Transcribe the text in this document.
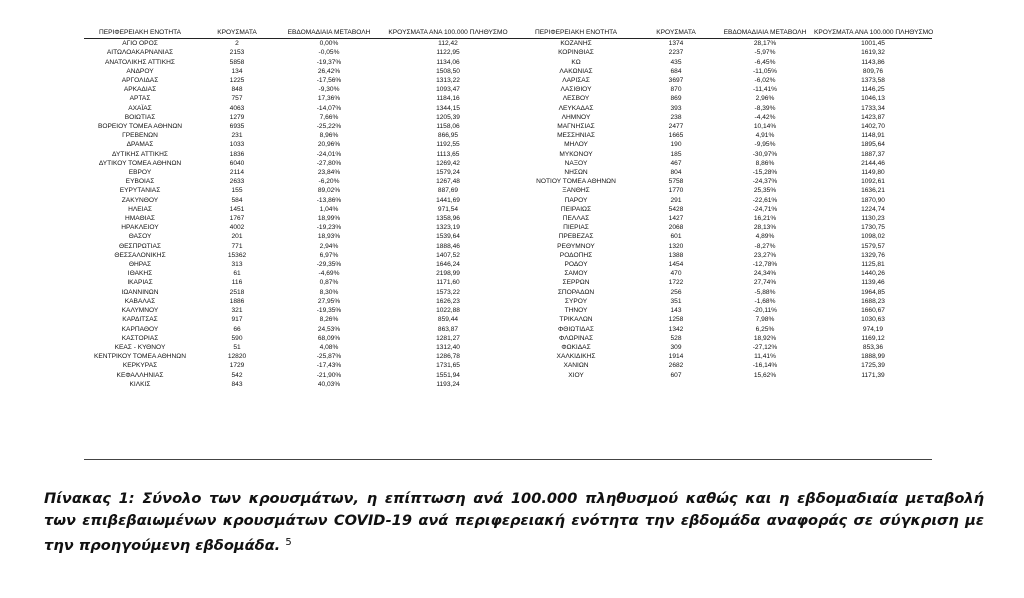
ΠΕΡΙΦΕΡΕΙΑΚΗ ΕΝΟΤΗΤΑ	ΚΡΟΥΣΜΑΤΑ	ΕΒΔΟΜΑΔΙΑΙΑ ΜΕΤΑΒΟΛΗ	ΚΡΟΥΣΜΑΤΑ ΑΝΑ 100.000 ΠΛΗΘΥΣΜΟ	ΠΕΡΙΦΕΡΕΙΑΚΗ ΕΝΟΤΗΤΑ	ΚΡΟΥΣΜΑΤΑ	ΕΒΔΟΜΑΔΙΑΙΑ ΜΕΤΑΒΟΛΗ	ΚΡΟΥΣΜΑΤΑ ΑΝΑ 100.000 ΠΛΗΘΥΣΜΟ
ΑΓΙΟ ΟΡΟΣ	2	0,00%	112,42	ΚΟΖΑΝΗΣ	1374	28,17%	1001,45
ΑΙΤΩΛΟΑΚΑΡΝΑΝΙΑΣ	2153	-0,05%	1122,95	ΚΟΡΙΝΘΙΑΣ	2237	-5,97%	1619,32
ΑΝΑΤΟΛΙΚΗΣ ΑΤΤΙΚΗΣ	5858	-19,37%	1134,06	ΚΩ	435	-6,45%	1143,86
ΑΝΔΡΟΥ	134	26,42%	1508,50	ΛΑΚΩΝΙΑΣ	684	-11,05%	809,76
ΑΡΓΟΛΙΔΑΣ	1225	-17,56%	1313,22	ΛΑΡΙΣΑΣ	3697	-6,02%	1373,58
ΑΡΚΑΔΙΑΣ	848	-9,30%	1093,47	ΛΑΣΙΘΙΟΥ	870	-11,41%	1146,25
ΑΡΤΑΣ	757	17,36%	1184,16	ΛΕΣΒΟΥ	869	2,96%	1046,13
ΑΧΑΪΑΣ	4063	-14,07%	1344,15	ΛΕΥΚΑΔΑΣ	393	-8,39%	1733,34
ΒΟΙΩΤΙΑΣ	1279	7,66%	1205,39	ΛΗΜΝΟΥ	238	-4,42%	1423,87
ΒΟΡΕΙΟΥ ΤΟΜΕΑ ΑΘΗΝΩΝ	6935	-25,22%	1158,06	ΜΑΓΝΗΣΙΑΣ	2477	10,14%	1402,70
ΓΡΕΒΕΝΩΝ	231	8,96%	866,95	ΜΕΣΣΗΝΙΑΣ	1665	4,91%	1148,91
ΔΡΑΜΑΣ	1033	20,96%	1192,55	ΜΗΛΟΥ	190	-9,95%	1895,64
ΔΥΤΙΚΗΣ ΑΤΤΙΚΗΣ	1836	-24,01%	1113,65	ΜΥΚΟΝΟΥ	185	-30,97%	1887,37
ΔΥΤΙΚΟΥ ΤΟΜΕΑ ΑΘΗΝΩΝ	6040	-27,80%	1269,42	ΝΑΞΟΥ	467	8,86%	2144,46
ΕΒΡΟΥ	2114	23,84%	1579,24	ΝΗΣΩΝ	804	-15,28%	1149,80
ΕΥΒΟΙΑΣ	2633	-6,20%	1267,48	ΝΟΤΙΟΥ ΤΟΜΕΑ ΑΘΗΝΩΝ	5758	-24,37%	1092,61
ΕΥΡΥΤΑΝΙΑΣ	155	89,02%	887,69	ΞΑΝΘΗΣ	1770	25,35%	1636,21
ΖΑΚΥΝΘΟΥ	584	-13,86%	1441,69	ΠΑΡΟΥ	291	-22,61%	1870,90
ΗΛΕΙΑΣ	1451	1,04%	971,54	ΠΕΙΡΑΙΩΣ	5428	-24,71%	1224,74
ΗΜΑΘΙΑΣ	1767	18,99%	1358,96	ΠΕΛΛΑΣ	1427	16,21%	1130,23
ΗΡΑΚΛΕΙΟΥ	4002	-19,23%	1323,19	ΠΙΕΡΙΑΣ	2068	28,13%	1730,75
ΘΑΣΟΥ	201	18,93%	1539,64	ΠΡΕΒΕΖΑΣ	601	4,89%	1098,02
ΘΕΣΠΡΩΤΙΑΣ	771	2,94%	1888,46	ΡΕΘΥΜΝΟΥ	1320	-8,27%	1579,57
ΘΕΣΣΑΛΟΝΙΚΗΣ	15362	6,97%	1407,52	ΡΟΔΟΠΗΣ	1388	23,27%	1329,76
ΘΗΡΑΣ	313	-29,35%	1646,24	ΡΟΔΟΥ	1454	-12,78%	1125,81
ΙΘΑΚΗΣ	61	-4,69%	2198,99	ΣΑΜΟΥ	470	24,34%	1440,26
ΙΚΑΡΙΑΣ	116	0,87%	1171,60	ΣΕΡΡΩΝ	1722	27,74%	1139,46
ΙΩΑΝΝΙΝΩΝ	2518	8,30%	1573,22	ΣΠΟΡΑΔΩΝ	256	-5,88%	1964,85
ΚΑΒΑΛΑΣ	1886	27,95%	1626,23	ΣΥΡΟΥ	351	-1,68%	1688,23
ΚΑΛΥΜΝΟΥ	321	-19,35%	1022,88	ΤΗΝΟΥ	143	-20,11%	1660,67
ΚΑΡΔΙΤΣΑΣ	917	8,26%	859,44	ΤΡΙΚΑΛΩΝ	1258	7,98%	1030,63
ΚΑΡΠΑΘΟΥ	66	24,53%	863,87	ΦΘΙΩΤΙΔΑΣ	1342	6,25%	974,19
ΚΑΣΤΟΡΙΑΣ	590	68,09%	1281,27	ΦΛΩΡΙΝΑΣ	528	18,92%	1169,12
ΚΕΑΣ - ΚΥΘΝΟΥ	51	4,08%	1312,40	ΦΩΚΙΔΑΣ	309	-27,12%	853,36
ΚΕΝΤΡΙΚΟΥ ΤΟΜΕΑ ΑΘΗΝΩΝ	12820	-25,87%	1286,78	ΧΑΛΚΙΔΙΚΗΣ	1914	11,41%	1888,99
ΚΕΡΚΥΡΑΣ	1729	-17,43%	1731,65	ΧΑΝΙΩΝ	2682	-16,14%	1725,39
ΚΕΦΑΛΛΗΝΙΑΣ	542	-21,90%	1551,94	ΧΙΟΥ	607	15,62%	1171,39
ΚΙΛΚΙΣ	843	40,03%	1193,24				
Πίνακας 1: Σύνολο των κρουσμάτων, η επίπτωση ανά 100.000 πληθυσμού καθώς και η εβδομαδιαία μεταβολή των επιβεβαιωμένων κρουσμάτων COVID-19 ανά περιφερειακή ενότητα την εβδομάδα αναφοράς σε σύγκριση με την προηγούμενη εβδομάδα. $^5$
